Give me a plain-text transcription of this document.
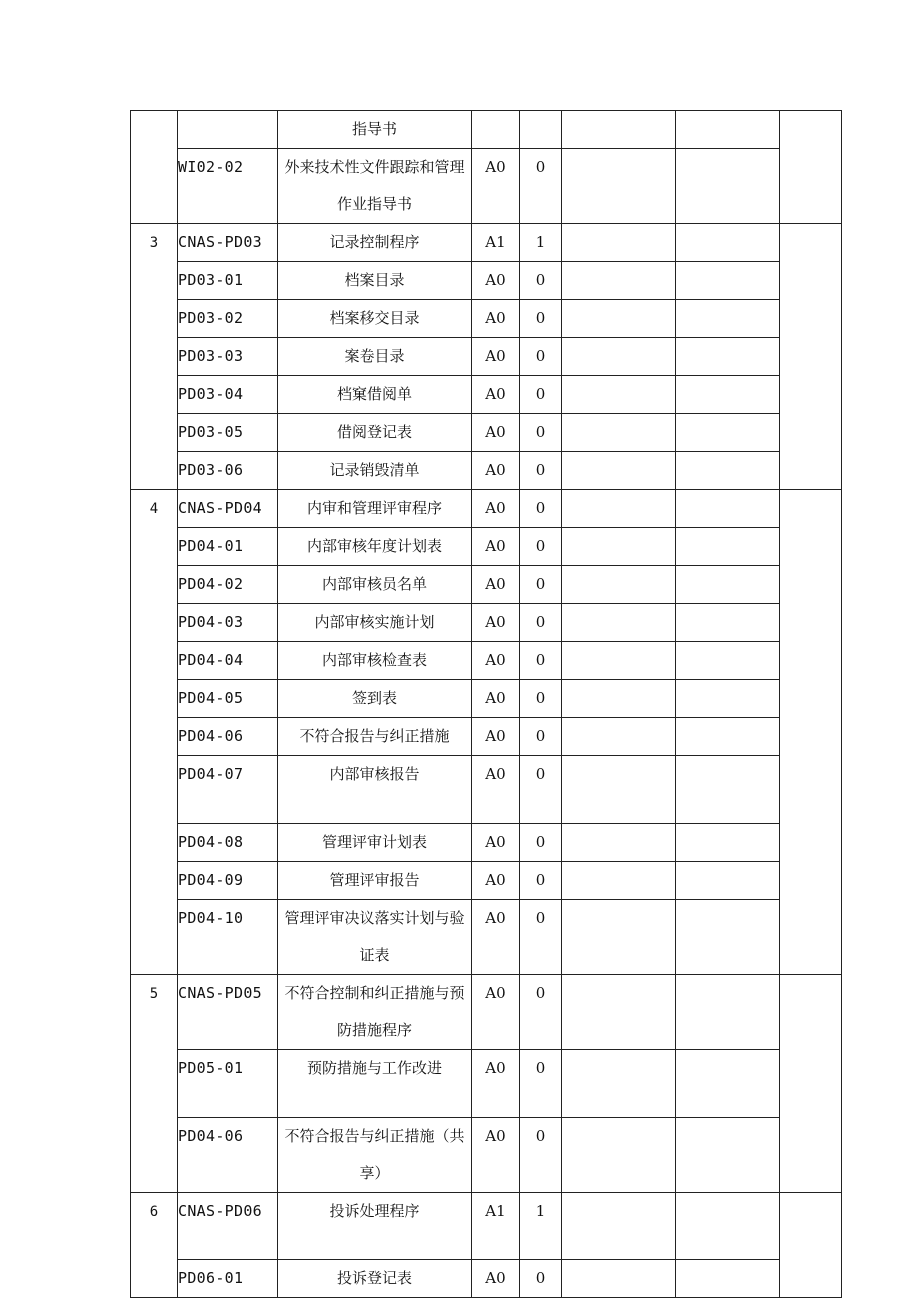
		指导书					
	WI02-02	外来技术性文件跟踪和管理作业指导书	A0	0			
3	CNAS-PD03	记录控制程序	A1	1			
	PD03-01	档案目录	A0	0			
	PD03-02	档案移交目录	A0	0			
	PD03-03	案卷目录	A0	0			
	PD03-04	档窠借阅单	A0	0			
	PD03-05	借阅登记表	A0	0			
	PD03-06	记录销毁清单	A0	0			
4	CNAS-PD04	内审和管理评审程序	A0	0			
	PD04-01	内部审核年度计划表	A0	0			
	PD04-02	内部审核员名单	A0	0			
	PD04-03	内部审核实施计划	A0	0			
	PD04-04	内部审核检查表	A0	0			
	PD04-05	签到表	A0	0			
	PD04-06	不符合报告与纠正措施	A0	0			
	PD04-07	内部审核报告	A0	0			
	PD04-08	管理评审计划表	A0	0			
	PD04-09	管理评审报告	A0	0			
	PD04-10	管理评审决议落实计划与验证表	A0	0			
5	CNAS-PD05	不符合控制和纠正措施与预防措施程序	A0	0			
	PD05-01	预防措施与工作改进	A0	0			
	PD04-06	不符合报告与纠正措施（共享）	A0	0			
6	CNAS-PD06	投诉处理程序	A1	1			
	PD06-01	投诉登记表	A0	0			
